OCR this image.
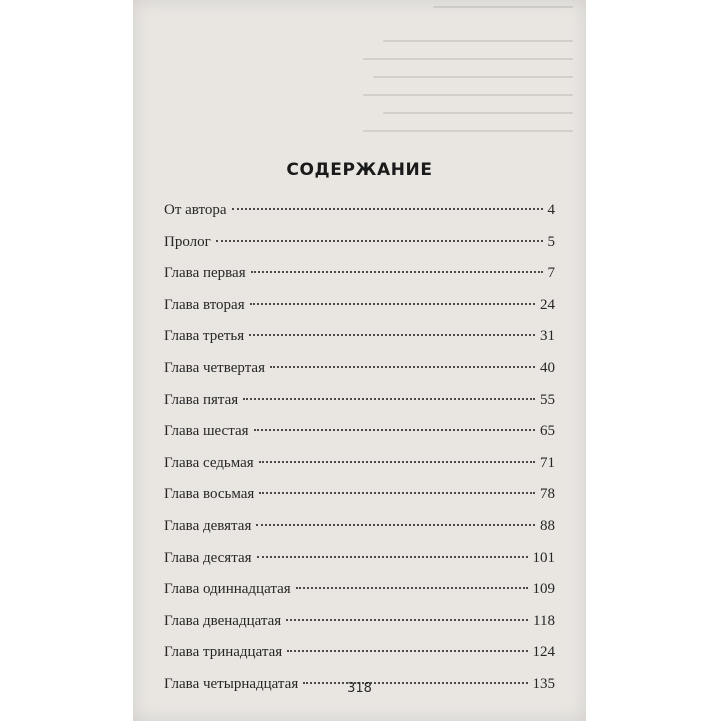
СОДЕРЖАНИЕ
От автора	4
Пролог	5
Глава первая	7
Глава вторая	24
Глава третья	31
Глава четвертая	40
Глава пятая	55
Глава шестая	65
Глава седьмая	71
Глава восьмая	78
Глава девятая	88
Глава десятая	101
Глава одиннадцатая	109
Глава двенадцатая	118
Глава тринадцатая	124
Глава четырнадцатая	135
318
